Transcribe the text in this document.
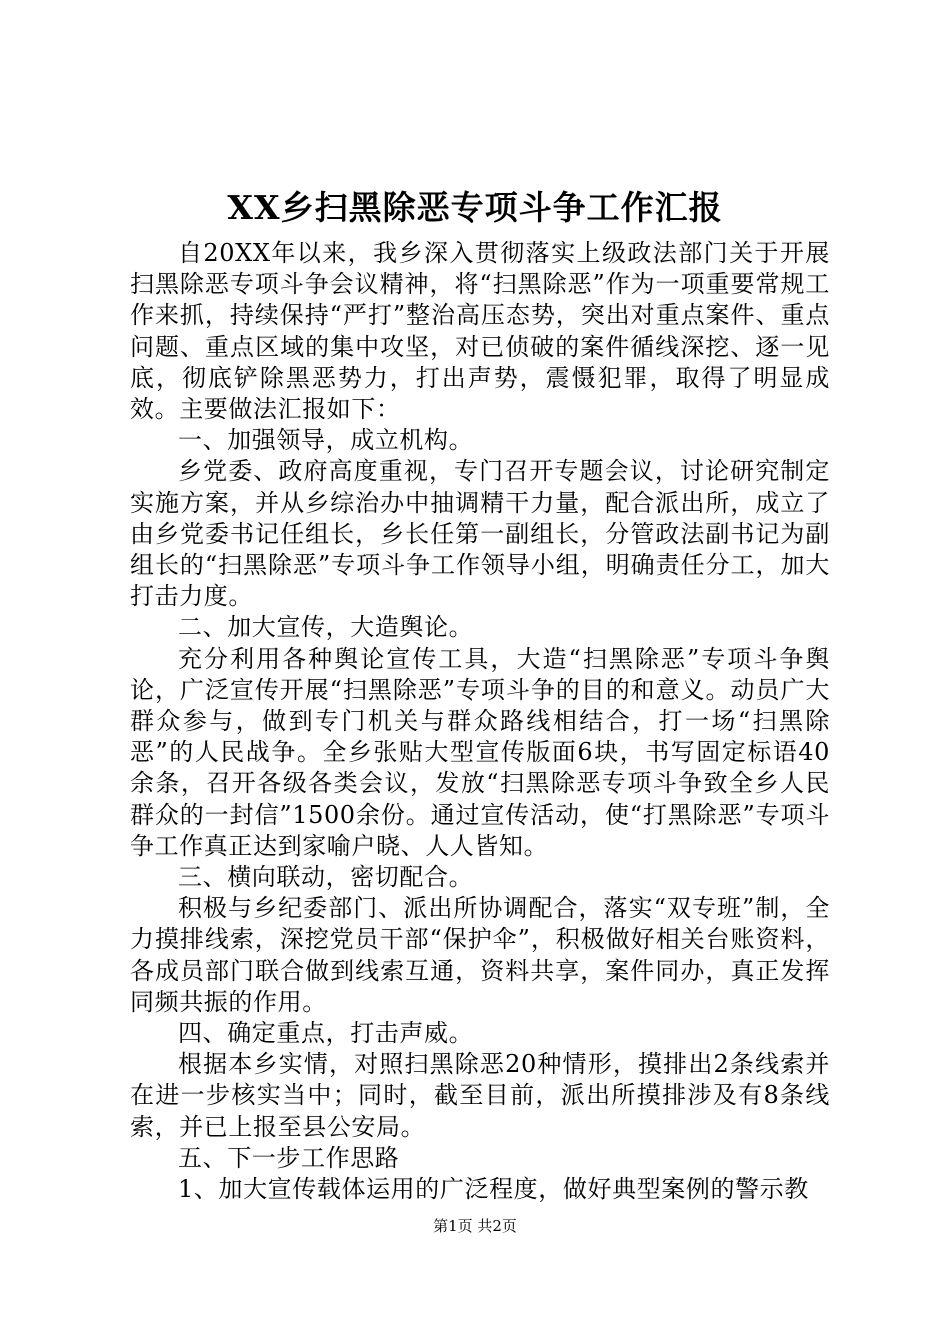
XX乡扫黑除恶专项斗争工作汇报

自20XX年以来，我乡深入贯彻落实上级政法部门关于开展扫黑除恶专项斗争会议精神，将“扫黑除恶”作为一项重要常规工作来抓，持续保持“严打”整治高压态势，突出对重点案件、重点问题、重点区域的集中攻坚，对已侦破的案件循线深挖、逐一见底，彻底铲除黑恶势力，打出声势，震慑犯罪，取得了明显成效。主要做法汇报如下：

一、加强领导，成立机构。

乡党委、政府高度重视，专门召开专题会议，讨论研究制定实施方案，并从乡综治办中抽调精干力量，配合派出所，成立了由乡党委书记任组长，乡长任第一副组长，分管政法副书记为副组长的“扫黑除恶”专项斗争工作领导小组，明确责任分工，加大打击力度。

二、加大宣传，大造舆论。

充分利用各种舆论宣传工具，大造“扫黑除恶”专项斗争舆论，广泛宣传开展“扫黑除恶”专项斗争的目的和意义。动员广大群众参与，做到专门机关与群众路线相结合，打一场“扫黑除恶”的人民战争。全乡张贴大型宣传版面6块，书写固定标语40余条，召开各级各类会议，发放“扫黑除恶专项斗争致全乡人民群众的一封信”1500余份。通过宣传活动，使“打黑除恶”专项斗争工作真正达到家喻户晓、人人皆知。

三、横向联动，密切配合。

积极与乡纪委部门、派出所协调配合，落实“双专班”制，全力摸排线索，深挖党员干部“保护伞”，积极做好相关台账资料，各成员部门联合做到线索互通，资料共享，案件同办，真正发挥同频共振的作用。

四、确定重点，打击声威。

根据本乡实情，对照扫黑除恶20种情形，摸排出2条线索并在进一步核实当中；同时，截至目前，派出所摸排涉及有8条线索，并已上报至县公安局。

五、下一步工作思路

1、加大宣传载体运用的广泛程度，做好典型案例的警示教

第1页 共2页
